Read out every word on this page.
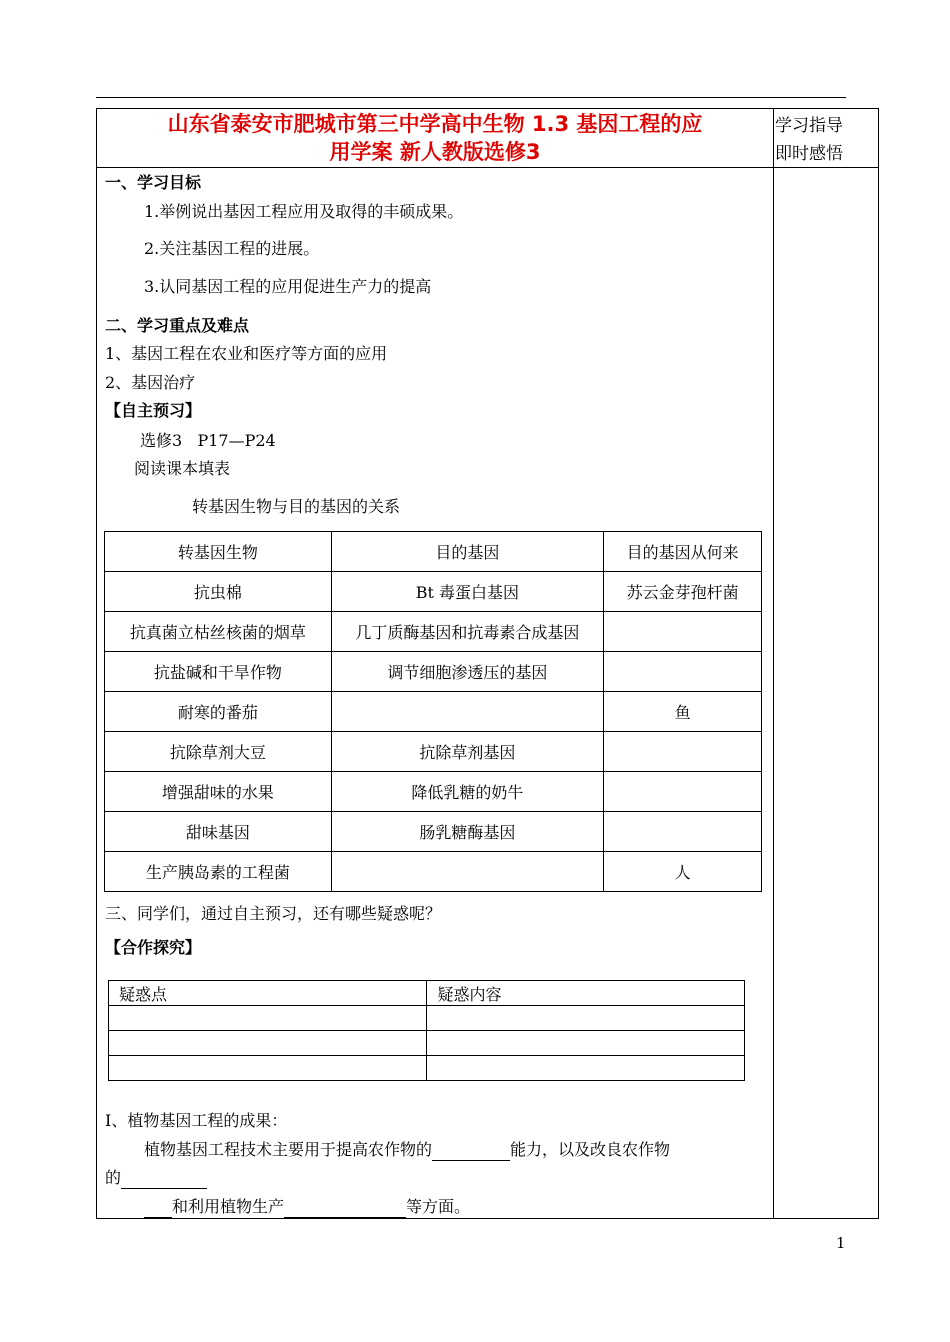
山东省泰安市肥城市第三中学高中生物 1.3 基因工程的应
用学案 新人教版选修3
学习指导
即时感悟
一、学习目标
1.举例说出基因工程应用及取得的丰硕成果。
2.关注基因工程的进展。
3.认同基因工程的应用促进生产力的提高
二、学习重点及难点
1、基因工程在农业和医疗等方面的应用
2、基因治疗
【自主预习】
选修3   P17—P24
阅读课本填表
转基因生物与目的基因的关系
转基因生物	目的基因	目的基因从何来
抗虫棉	Bt 毒蛋白基因	苏云金芽孢杆菌
抗真菌立枯丝核菌的烟草	几丁质酶基因和抗毒素合成基因	
抗盐碱和干旱作物	调节细胞渗透压的基因	
耐寒的番茄		鱼
抗除草剂大豆	抗除草剂基因	
增强甜味的水果	降低乳糖的奶牛	
甜味基因	肠乳糖酶基因	
生产胰岛素的工程菌		人
三、同学们，通过自主预习，还有哪些疑惑呢？
【合作探究】
疑惑点	疑惑内容

Ⅰ、植物基因工程的成果：
植物基因工程技术主要用于提高农作物的	能力，以及改良农作物
的
和利用植物生产	等方面。
1
